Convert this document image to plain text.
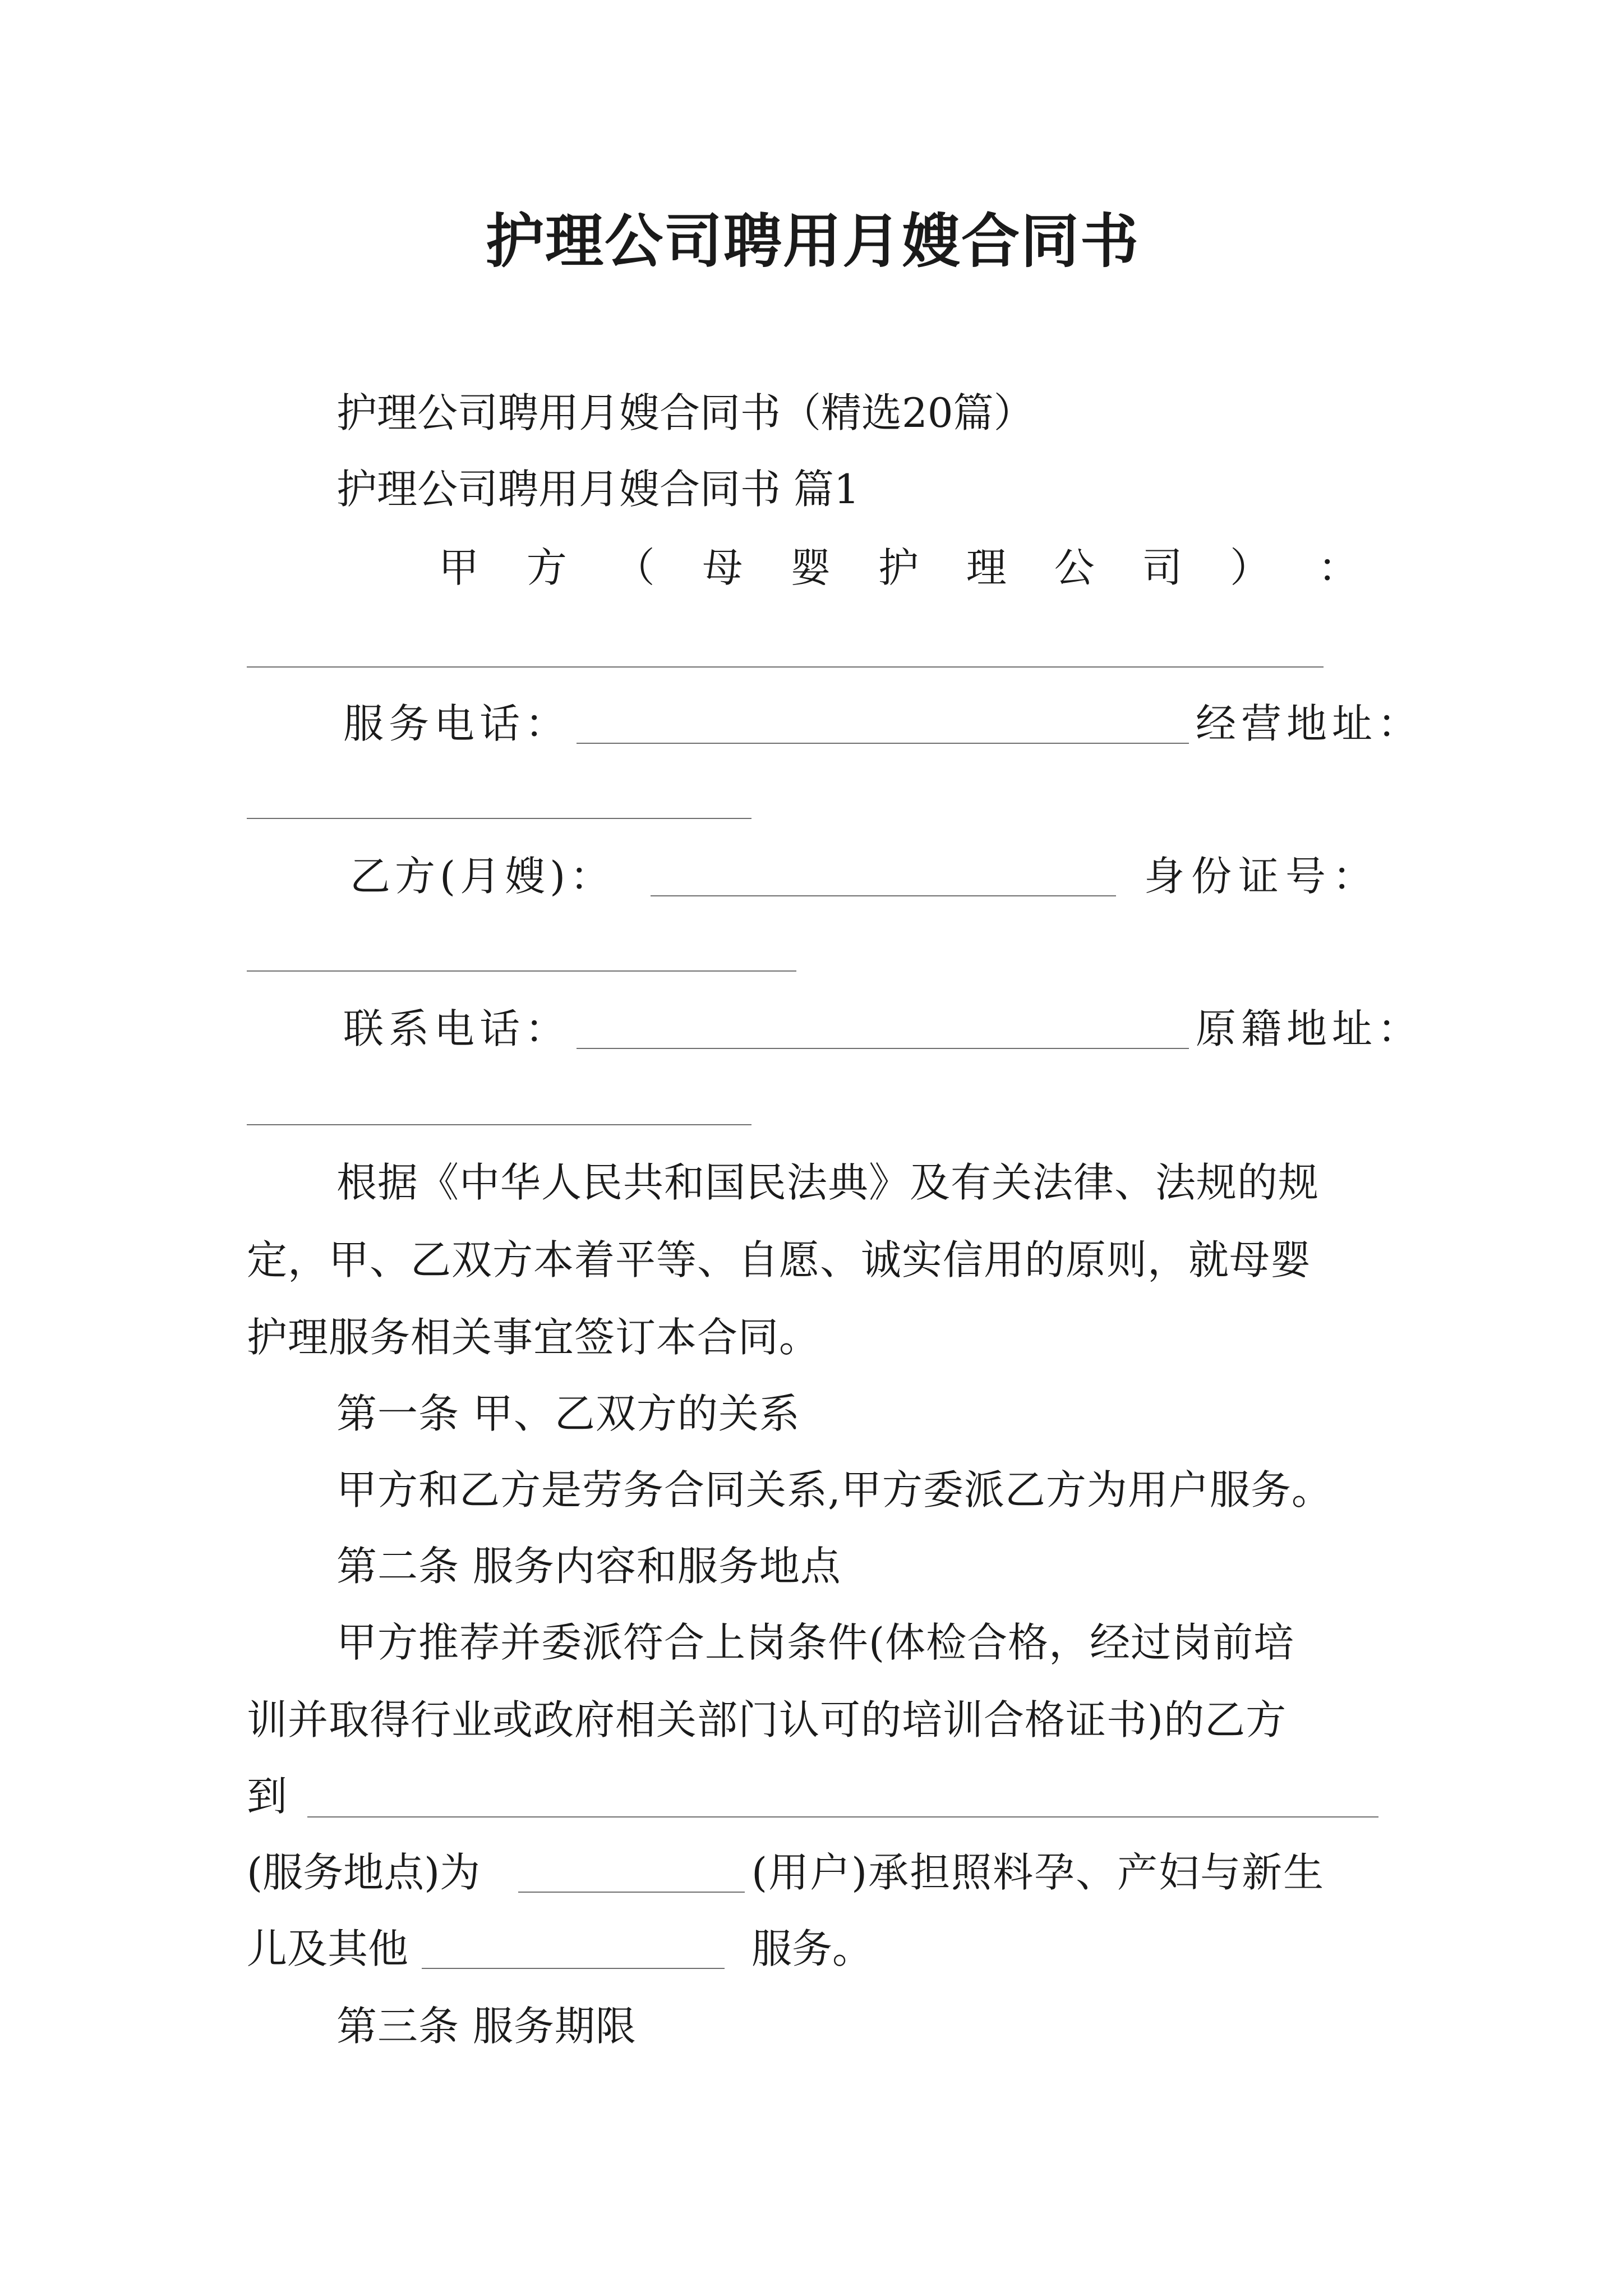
护理公司聘用月嫂合同书
护理公司聘用月嫂合同书（精选20篇）
护理公司聘用月嫂合同书 篇1
甲 方 （ 母 婴 护 理 公 司 ） ：
服务电话：	经营地址：
乙方(月嫂)：	身份证号：
联系电话：	原籍地址：
根据《中华人民共和国民法典》及有关法律、法规的规
定，甲、乙双方本着平等、自愿、诚实信用的原则，就母婴
护理服务相关事宜签订本合同。
第一条 甲、乙双方的关系
甲方和乙方是劳务合同关系,甲方委派乙方为用户服务。
第二条 服务内容和服务地点
甲方推荐并委派符合上岗条件(体检合格，经过岗前培
训并取得行业或政府相关部门认可的培训合格证书)的乙方
到
(服务地点)为	(用户)承担照料孕、产妇与新生
儿及其他	服务。
第三条 服务期限
